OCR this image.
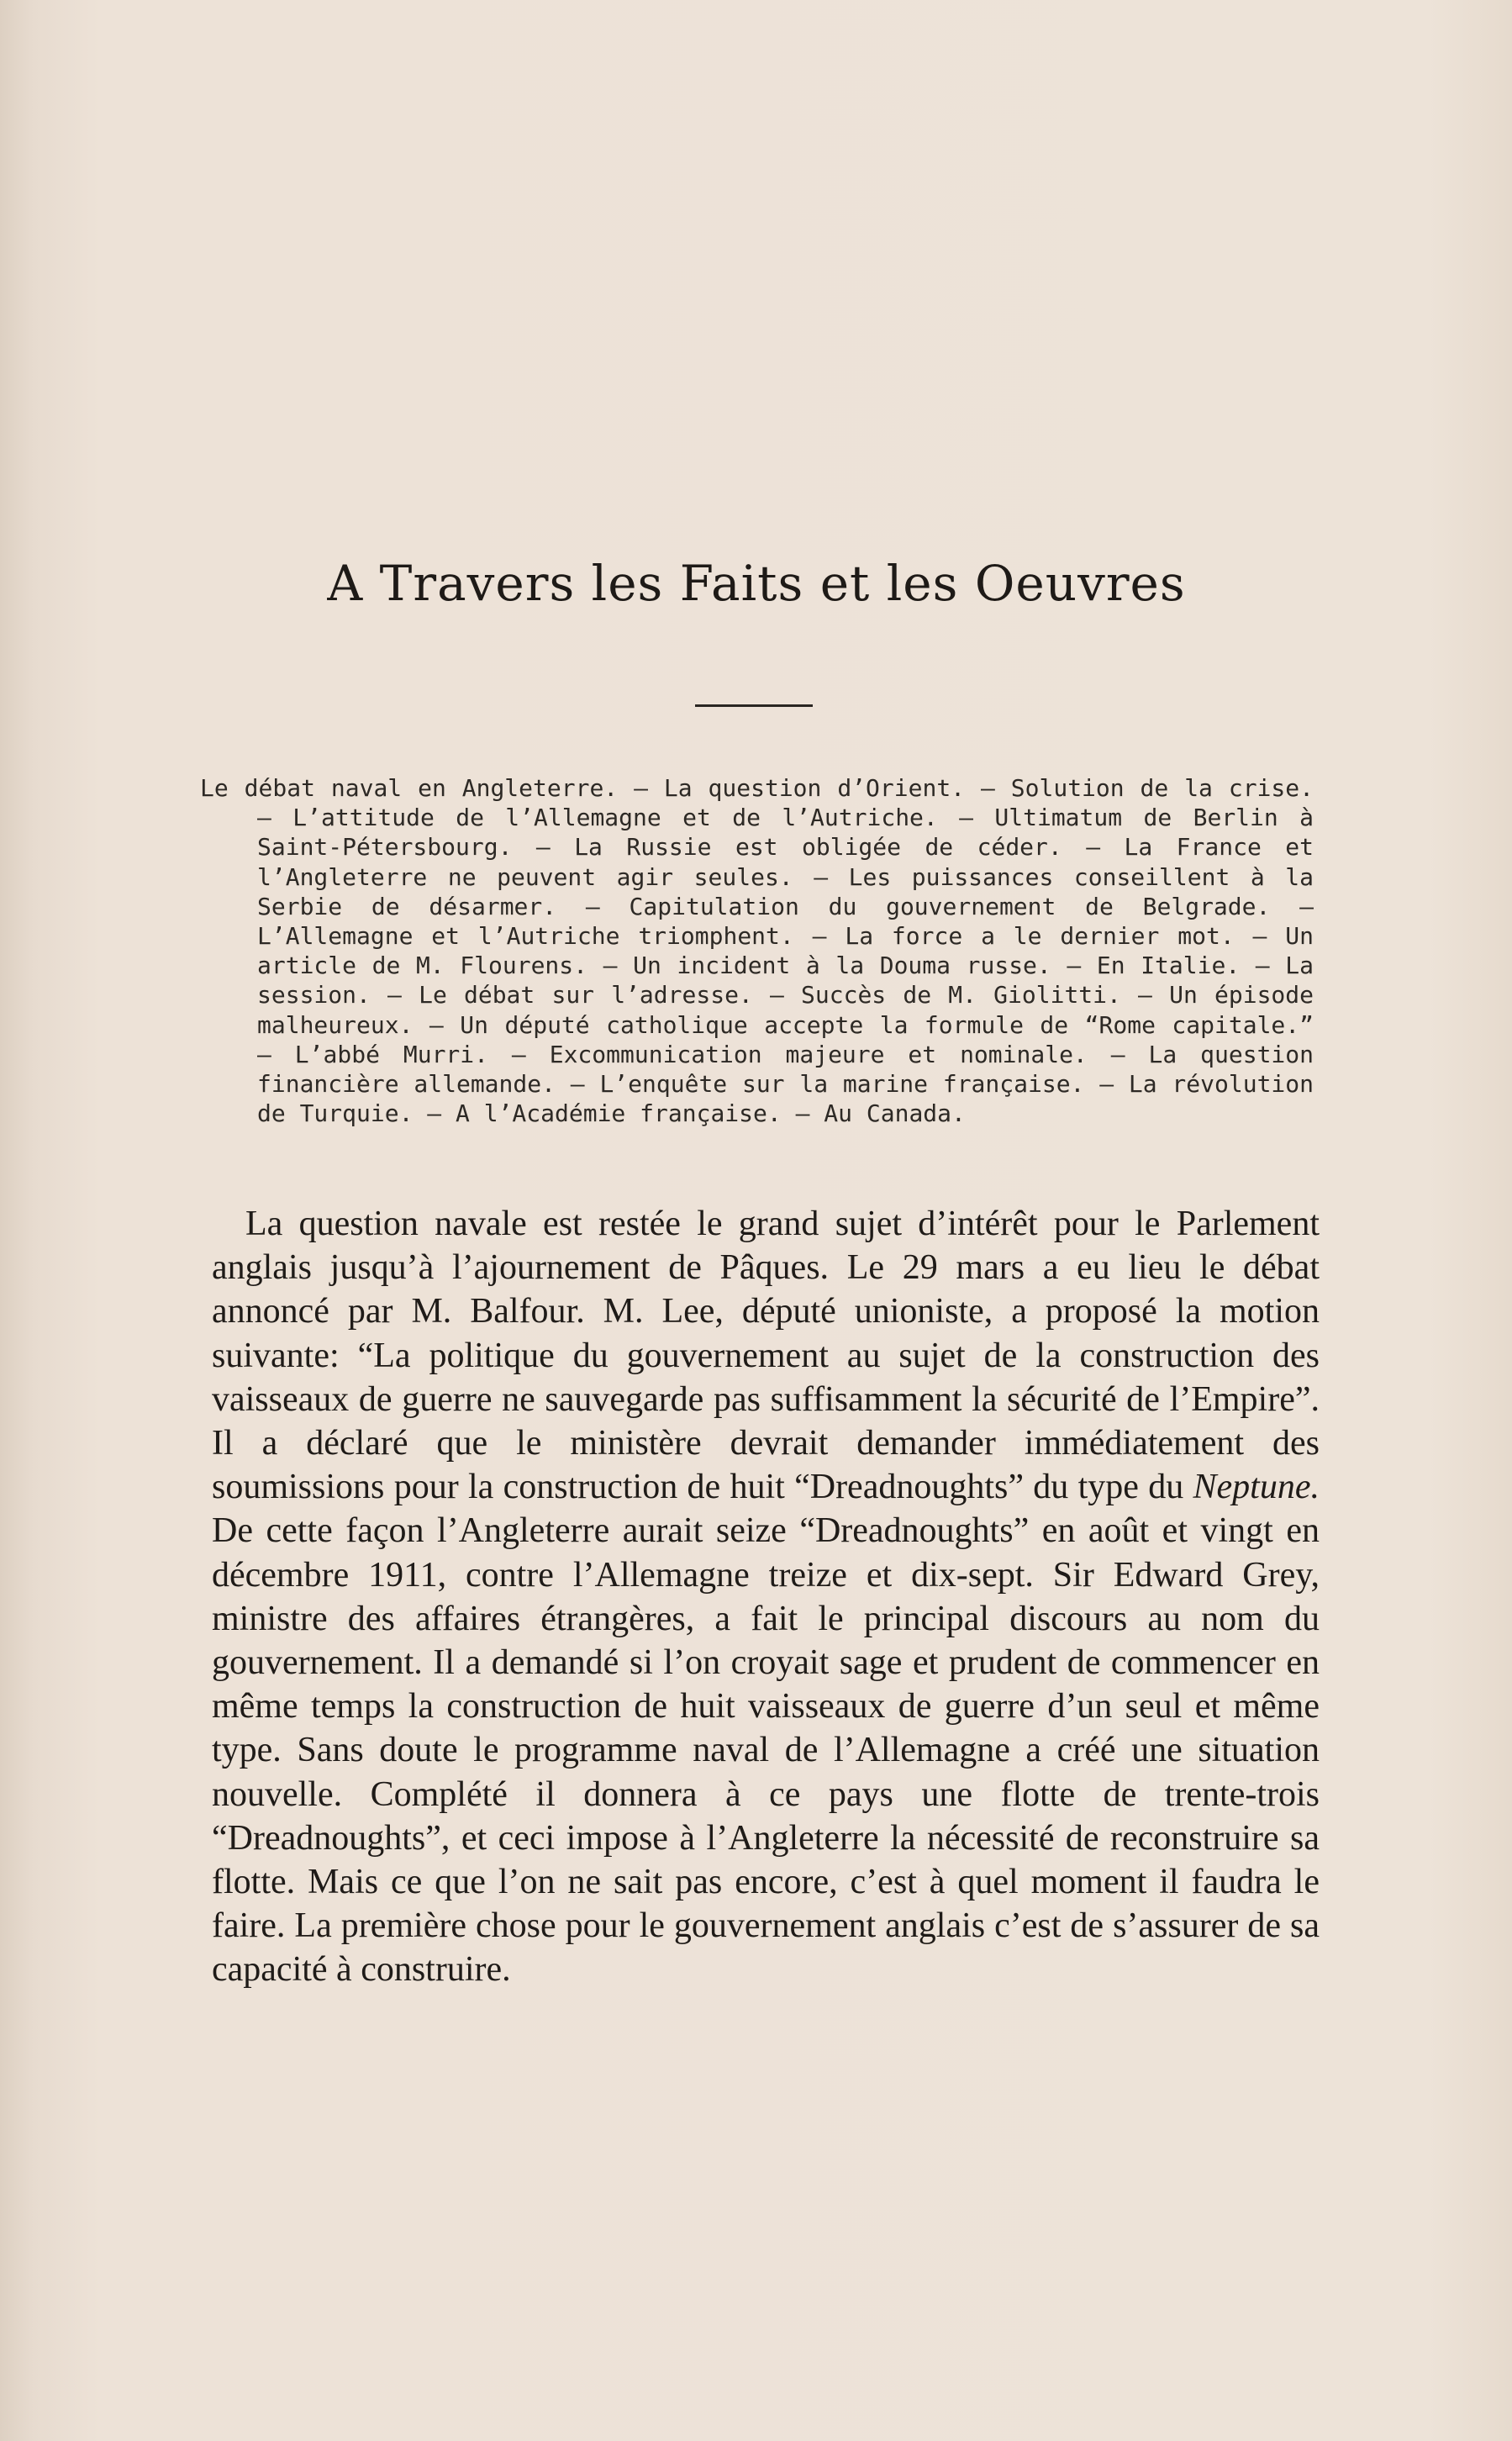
A Travers les Faits et les Oeuvres
Le débat naval en Angleterre. — La question d’Orient. — Solution de la crise. — L’attitude de l’Allemagne et de l’Autriche. — Ultimatum de Berlin à Saint-Pétersbourg. — La Russie est obligée de céder. — La France et l’Angleterre ne peuvent agir seules. — Les puissances conseillent à la Serbie de désarmer. — Capitulation du gouvernement de Belgrade. — L’Allemagne et l’Autriche triomphent. — La force a le dernier mot. — Un article de M. Flourens. — Un incident à la Douma russe. — En Italie. — La session. — Le débat sur l’adresse. — Succès de M. Giolitti. — Un épisode malheureux. — Un député catholique accepte la formule de “Rome capitale.” — L’abbé Murri. — Excommunication majeure et nominale. — La question financière allemande. — L’enquête sur la marine française. — La révolution de Turquie. — A l’Académie française. — Au Canada.
La question navale est restée le grand sujet d’intérêt pour le Parlement anglais jusqu’à l’ajournement de Pâques. Le 29 mars a eu lieu le débat annoncé par M. Balfour. M. Lee, député unioniste, a proposé la motion suivante: “La politique du gouvernement au sujet de la construction des vaisseaux de guerre ne sauvegarde pas suffisamment la sécurité de l’Empire”. Il a déclaré que le ministère devrait demander immédiatement des soumissions pour la construction de huit “Dreadnoughts” du type du Neptune. De cette façon l’Angleterre aurait seize “Dreadnoughts” en août et vingt en décembre 1911, contre l’Allemagne treize et dix-sept. Sir Edward Grey, ministre des affaires étrangères, a fait le principal discours au nom du gouvernement. Il a demandé si l’on croyait sage et prudent de commencer en même temps la construction de huit vaisseaux de guerre d’un seul et même type. Sans doute le programme naval de l’Allemagne a créé une situation nouvelle. Complété il donnera à ce pays une flotte de trente-trois “Dreadnoughts”, et ceci impose à l’Angleterre la nécessité de reconstruire sa flotte. Mais ce que l’on ne sait pas encore, c’est à quel moment il faudra le faire. La première chose pour le gouvernement anglais c’est de s’assurer de sa capacité à construire.
